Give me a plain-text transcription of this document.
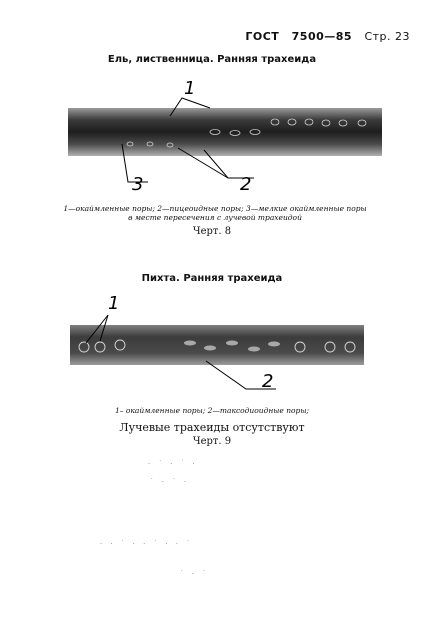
ГОСТ 7500—85 Стр. 23
Ель, лиственница. Ранняя трахеида
1
2
3
1—окаймленные поры; 2—пицеоидные поры; 3—мелкие окаймленные поры
в месте пересечения с лучевой трахеидой
Черт. 8
Пихта. Ранняя трахеида
1
2
1– окаймленные поры; 2—таксодиоидные поры;
Лучевые трахеиды отсутствуют
Черт. 9
· ˙ · ˙ ·
˙ · ˙ ·
· · ˙ · · ˙ · · ˙
˙ · ˙
